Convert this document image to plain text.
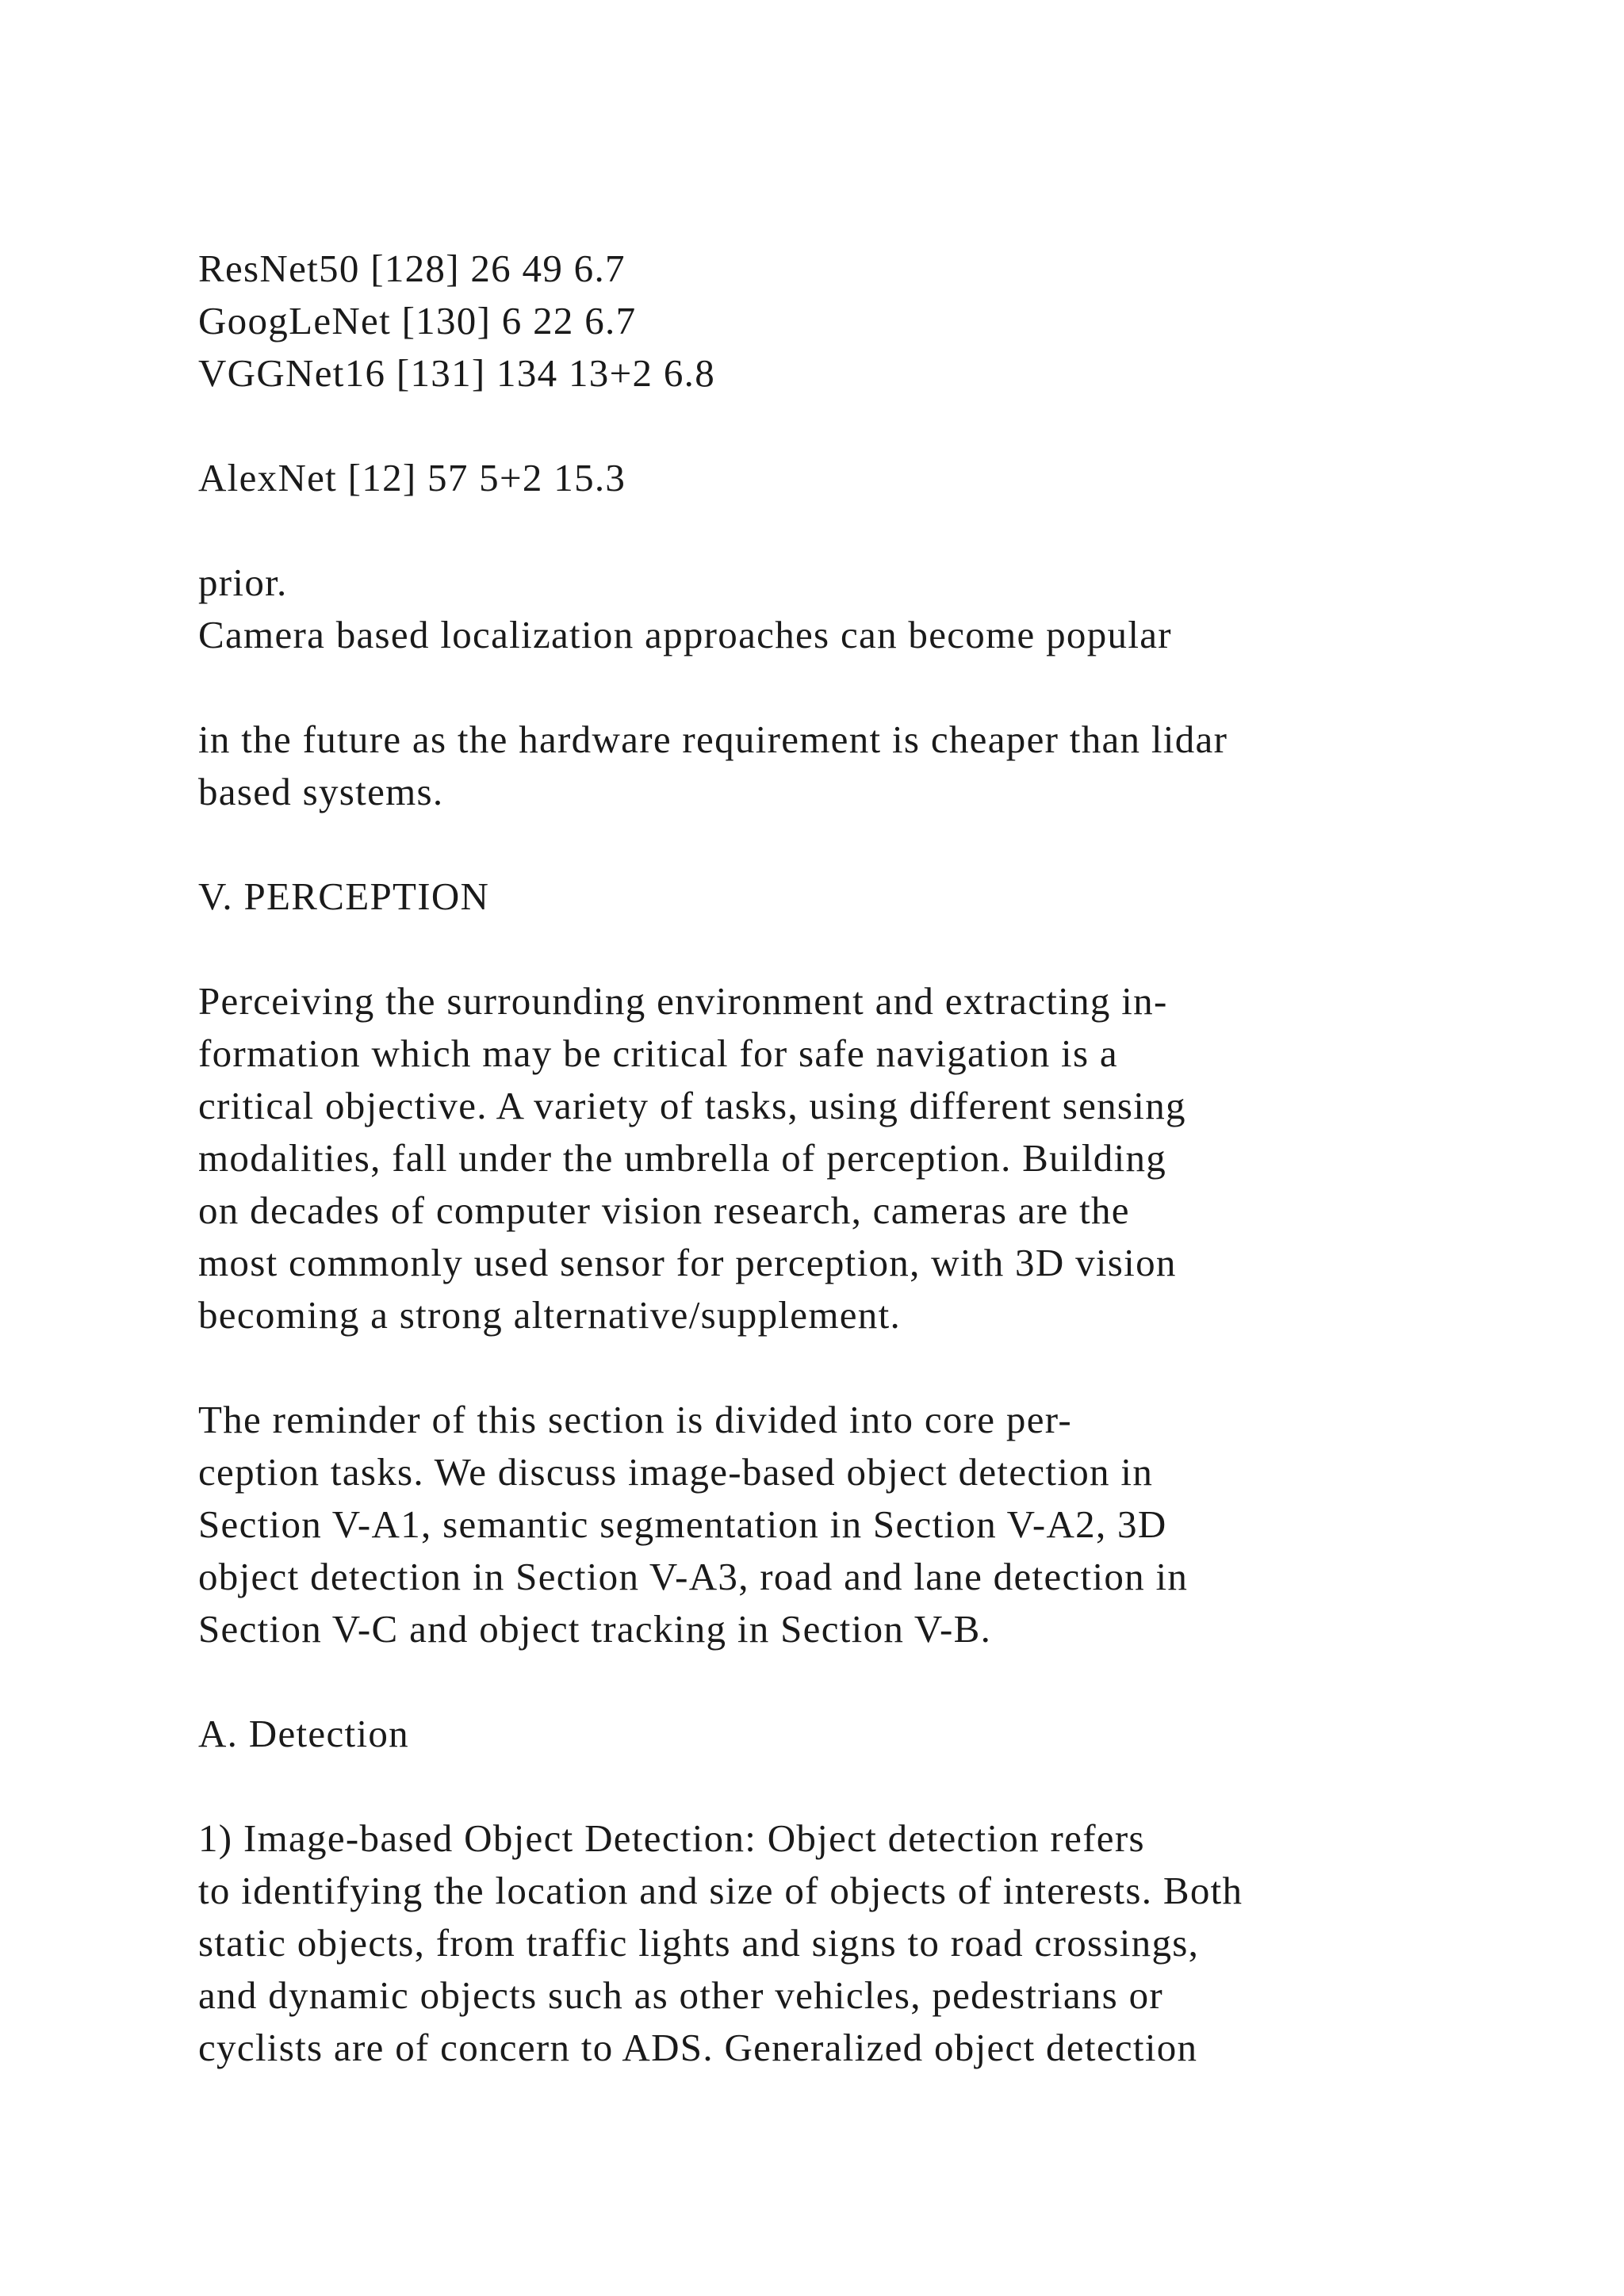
ResNet50 [128] 26 49 6.7
GoogLeNet [130] 6 22 6.7
VGGNet16 [131] 134 13+2 6.8
AlexNet [12] 57 5+2 15.3
prior.
Camera based localization approaches can become popular
in the future as the hardware requirement is cheaper than lidar
based systems.
V. PERCEPTION
Perceiving the surrounding environment and extracting in-
formation which may be critical for safe navigation is a
critical objective. A variety of tasks, using different sensing
modalities, fall under the umbrella of perception. Building
on decades of computer vision research, cameras are the
most commonly used sensor for perception, with 3D vision
becoming a strong alternative/supplement.
The reminder of this section is divided into core per-
ception tasks. We discuss image-based object detection in
Section V-A1, semantic segmentation in Section V-A2, 3D
object detection in Section V-A3, road and lane detection in
Section V-C and object tracking in Section V-B.
A. Detection
1) Image-based Object Detection: Object detection refers
to identifying the location and size of objects of interests. Both
static objects, from traffic lights and signs to road crossings,
and dynamic objects such as other vehicles, pedestrians or
cyclists are of concern to ADS. Generalized object detection
